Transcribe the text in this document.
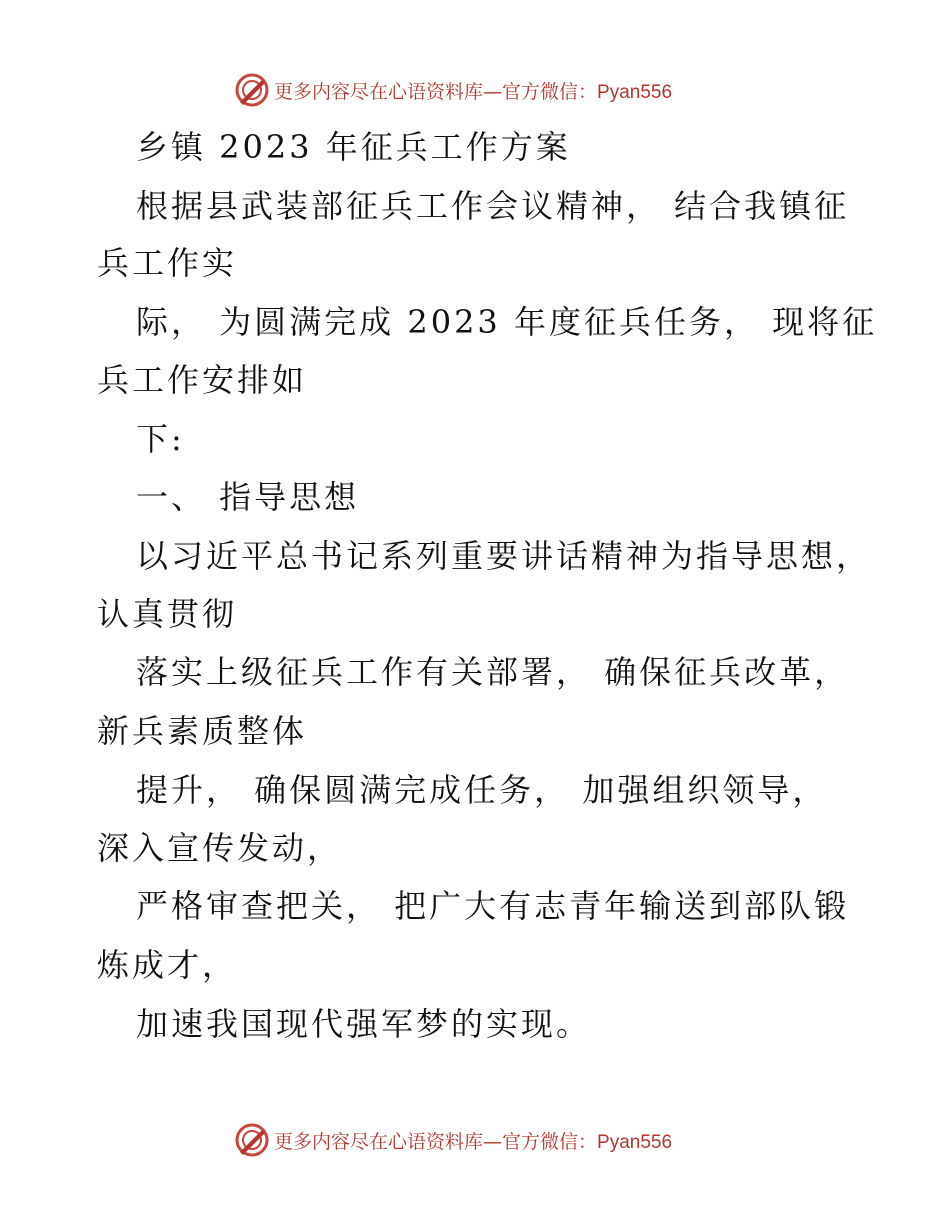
更多内容尽在心语资料库—官方微信：Pyan556
乡镇 2023 年征兵工作方案
根据县武装部征兵工作会议精神， 结合我镇征
兵工作实
际， 为圆满完成 2023 年度征兵任务， 现将征
兵工作安排如
下:
一、 指导思想
以习近平总书记系列重要讲话精神为指导思想，
认真贯彻
落实上级征兵工作有关部署， 确保征兵改革，
新兵素质整体
提升， 确保圆满完成任务， 加强组织领导，
深入宣传发动，
严格审查把关， 把广大有志青年输送到部队锻
炼成才，
加速我国现代强军梦的实现。
更多内容尽在心语资料库—官方微信：Pyan556
